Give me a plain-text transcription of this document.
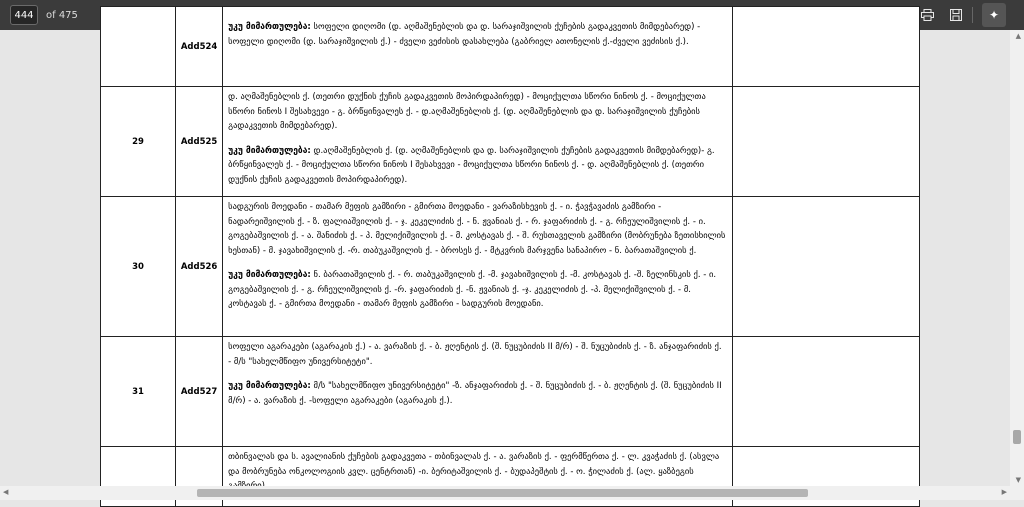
444	of 475	✦
	Add524	უკუ მიმართულება: სოფელი დიღომი (დ. აღმაშენებლის და დ. სარაჯიშვილის ქუჩების გადაკვეთის მიმდებარედ) - სოფელი დიღომი (დ. სარაჯიშვილის ქ.) - ძველი ვეძისის დასახლება (გაბრიელ ათონელის ქ.-ძველი ვეძისის ქ.).	

29	Add525	დ. აღმაშენებლის ქ. (თეთრი დუქნის ქუჩის გადაკვეთის მოპირდაპირედ) - მოციქულთა სწორი ნინოს ქ. - მოციქულთა სწორი ნინოს I შესახვევი - გ. ბრწყინვალეს ქ. - დ.აღმაშენებლის ქ. (დ. აღმაშენებლის და დ. სარაჯიშვილის ქუჩების გადაკვეთის მიმდებარედ).

უკუ მიმართულება: დ.აღმაშენებლის ქ. (დ. აღმაშენებლის და დ. სარაჯიშვილის ქუჩების გადაკვეთის მიმდებარედ)- გ. ბრწყინვალეს ქ. - მოციქულთა სწორი ნინოს I შესახვევი - მოციქულთა სწორი ნინოს ქ. - დ. აღმაშენებლის ქ. (თეთრი დუქნის ქუჩის გადაკვეთის მოპირდაპირედ).	

30	Add526	სადგურის მოედანი - თამარ მეფის გამზირი - გმირთა მოედანი - ვარაზისხევის ქ. - ი. ჭავჭავაძის გამზირი - ნადარეიშვილის ქ. - ზ. ფალიაშვილის ქ. - ჯ. კეკელიძის ქ. - ნ. ჟვანიას ქ. - რ. ჯაფარიძის ქ. - გ. რჩეულიშვილის ქ. - ი. გოგებაშვილის ქ. - ა. შანიძის ქ. - პ. მელიქიშვილის ქ. - მ. კოსტავას ქ. - შ. რუსთაველის გამზირი (მობრუნება ზეთისხილის ხესთან) - მ. ჯავახიშვილის ქ. -რ. თაბუკაშვილის ქ. - ბროსეს ქ. - მტკვრის მარჯვენა სანაპირო - ნ. ბარათაშვილის ქ.

უკუ მიმართულება: ნ. ბარათაშვილის ქ. - რ. თაბუკაშვილის ქ. -მ. ჯავახიშვილის ქ. -მ. კოსტავას ქ. -შ. ზელინსკის ქ. - ი. გოგებაშვილის ქ. - გ. რჩეულიშვილის ქ. -რ. ჯაფარიძის ქ. -ნ. ჟვანიას ქ. -ჯ. კეკელიძის ქ. -პ. მელიქიშვილის ქ. - მ. კოსტავას ქ. - გმირთა მოედანი - თამარ მეფის გამზირი - სადგურის მოედანი.	

31	Add527	სოფელი აგარაკები (აგარაკის ქ.) - ა. ვარაზის ქ. - ბ. ჟღენტის ქ. (შ. ნუცუბიძის II მ/რ) - შ. ნუცუბიძის ქ. - ზ. ანჯაფარიძის ქ. - მ/ს "სახელმწიფო უნივერსიტეტი".

უკუ მიმართულება: მ/ს "სახელმწიფო უნივერსიტეტი" -ზ. ანჯაფარიძის ქ. - შ. ნუცუბიძის ქ. - ბ. ჟღენტის ქ. (შ. ნუცუბიძის II მ/რ) - ა. ვარაზის ქ. -სოფელი აგარაკები (აგარაკის ქ.).	

		თბინვალას და ს. ავალიანის ქუჩების გადაკვეთა - თბინვალას ქ. - ა. ვარაზის ქ. - ფერმწერთა ქ. - ლ. კვაჭაძის ქ. (ასვლა და მობრუნება ონკოლოგიის კვლ. ცენტრთან) -ი. ბერიტაშვილის ქ. - ბუდაპეშტის ქ. - ო. ჭილაძის ქ. (ალ. ყაზბეგის	

▲
▼
◀	▶
